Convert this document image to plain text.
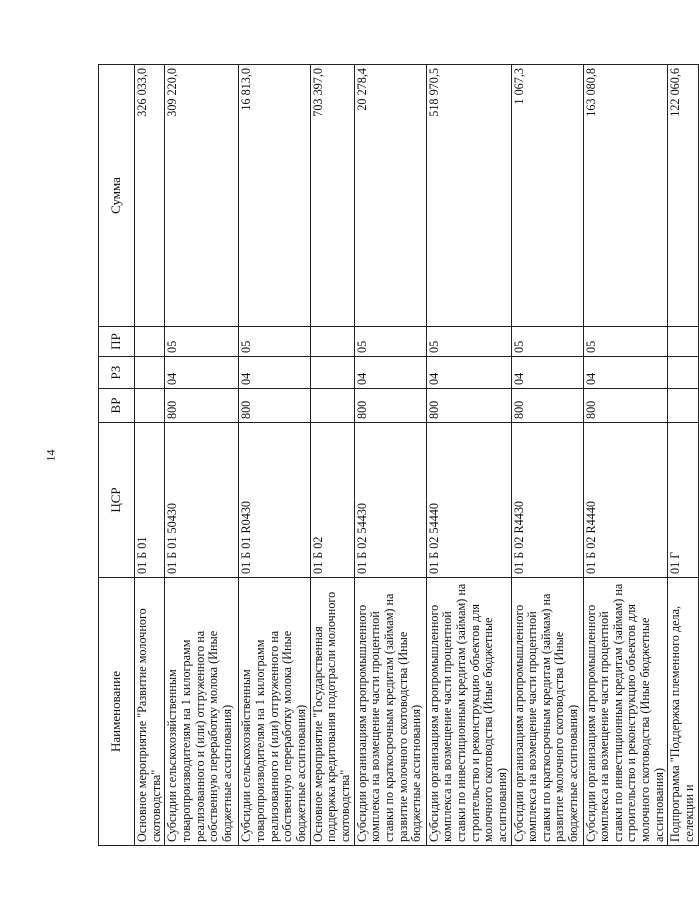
14
Наименование	ЦСР	ВР	РЗ	ПР	Сумма
Основное мероприятие "Развитие молочного скотоводства"	01 Б 01				326 033,0
Субсидии сельскохозяйственным товаропроизводителям на 1 килограмм реализованного и (или) отгруженного на собственную переработку молока (Иные бюджетные ассигнования)	01 Б 01 50430	800	04	05	309 220,0
Субсидии сельскохозяйственным товаропроизводителям на 1 килограмм реализованного и (или) отгруженного на собственную переработку молока (Иные бюджетные ассигнования)	01 Б 01 R0430	800	04	05	16 813,0
Основное мероприятие "Государственная поддержка кредитования подотрасли молочного скотоводства"	01 Б 02				703 397,0
Субсидии организациям агропромышленного комплекса на возмещение части процентной ставки по краткосрочным кредитам (займам) на развитие молочного скотоводства (Иные бюджетные ассигнования)	01 Б 02 54430	800	04	05	20 278,4
Субсидии организациям агропромышленного комплекса на возмещение части процентной ставки по инвестиционным кредитам (займам) на строительство и реконструкцию объектов для молочного скотоводства (Иные бюджетные ассигнования)	01 Б 02 54440	800	04	05	518 970,5
Субсидии организациям агропромышленного комплекса на возмещение части процентной ставки по краткосрочным кредитам (займам) на развитие молочного скотоводства (Иные бюджетные ассигнования)	01 Б 02 R4430	800	04	05	1 067,3
Субсидии организациям агропромышленного комплекса на возмещение части процентной ставки по инвестиционным кредитам (займам) на строительство и реконструкцию объектов для молочного скотоводства (Иные бюджетные ассигнования)	01 Б 02 R4440	800	04	05	163 080,8
Подпрограмма "Поддержка племенного дела, селекции и	01 Г				122 060,6
